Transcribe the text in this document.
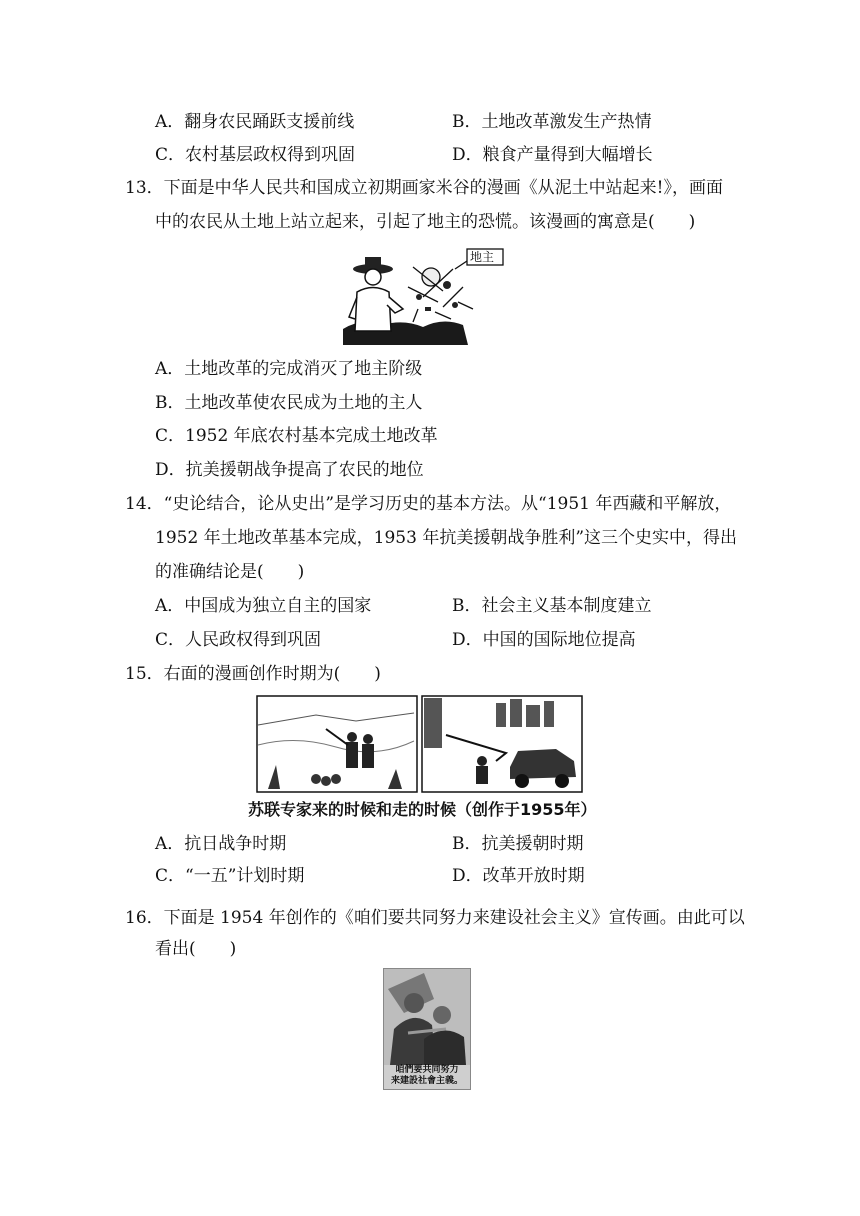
A．翻身农民踊跃支援前线	B．土地改革激发生产热情
C．农村基层政权得到巩固	D．粮食产量得到大幅增长
13．下面是中华人民共和国成立初期画家米谷的漫画《从泥土中站起来!》，画面
中的农民从土地上站立起来，引起了地主的恐慌。该漫画的寓意是(　　)
地主
A．土地改革的完成消灭了地主阶级
B．土地改革使农民成为土地的主人
C．1952 年底农村基本完成土地改革
D．抗美援朝战争提高了农民的地位
14．“史论结合，论从史出”是学习历史的基本方法。从“1951 年西藏和平解放，
1952 年土地改革基本完成，1953 年抗美援朝战争胜利”这三个史实中，得出
的准确结论是(　　)
A．中国成为独立自主的国家	B．社会主义基本制度建立
C．人民政权得到巩固	D．中国的国际地位提高
15．右面的漫画创作时期为(　　)
苏联专家来的时候和走的时候（创作于1955年）
A．抗日战争时期	B．抗美援朝时期
C．“一五”计划时期	D．改革开放时期
16．下面是 1954 年创作的《咱们要共同努力来建设社会主义》宣传画。由此可以
看出(　　)
咱們要共同努力
来建設社會主義。
